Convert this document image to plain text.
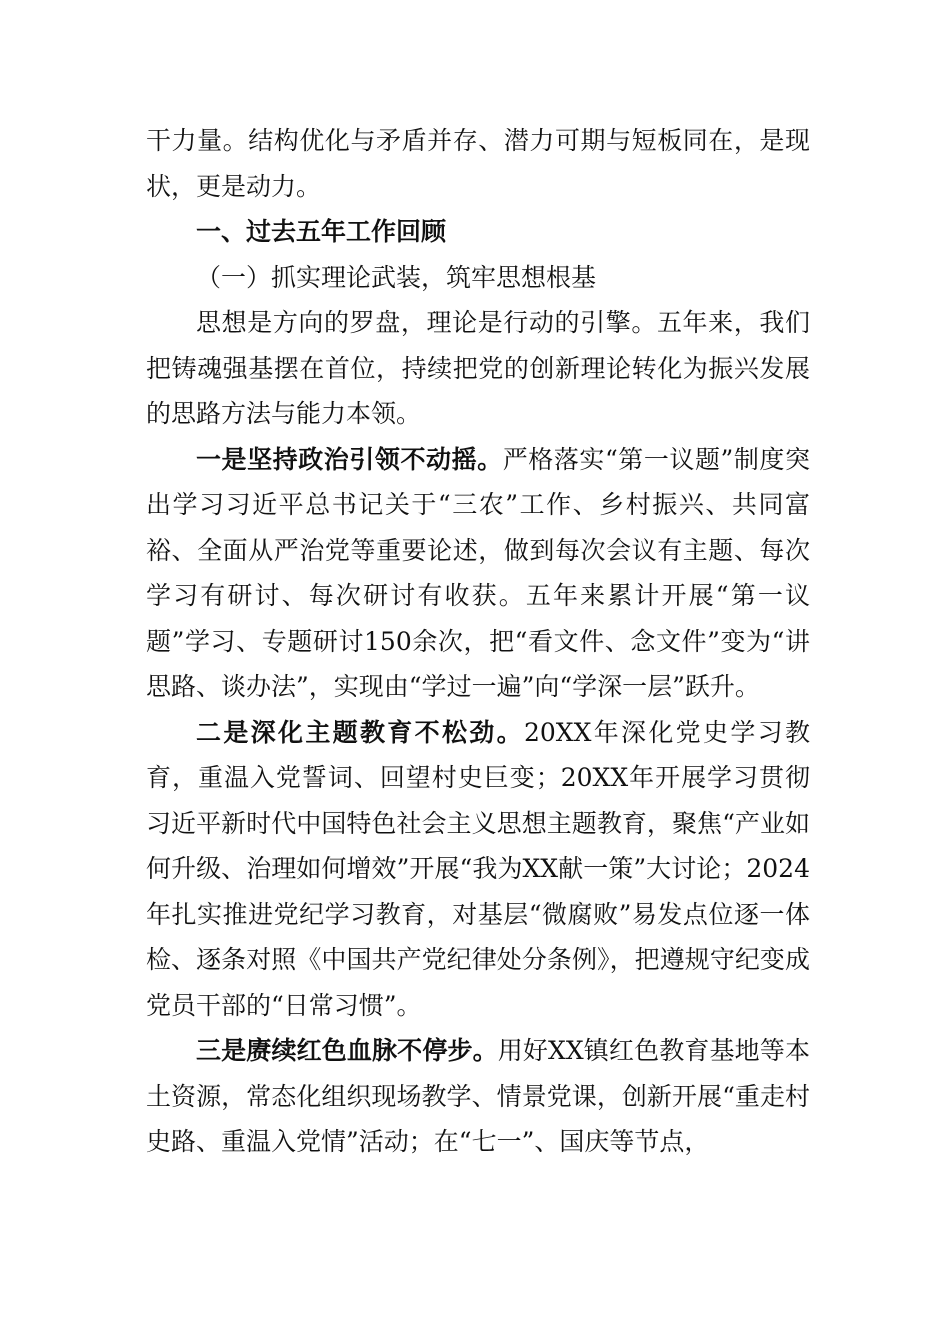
干力量。结构优化与矛盾并存、潜力可期与短板同在，是现状，更是动力。

一、过去五年工作回顾

（一）抓实理论武装，筑牢思想根基

思想是方向的罗盘，理论是行动的引擎。五年来，我们把铸魂强基摆在首位，持续把党的创新理论转化为振兴发展的思路方法与能力本领。

一是坚持政治引领不动摇。严格落实“第一议题”制度突出学习习近平总书记关于“三农”工作、乡村振兴、共同富裕、全面从严治党等重要论述，做到每次会议有主题、每次学习有研讨、每次研讨有收获。五年来累计开展“第一议题”学习、专题研讨150余次，把“看文件、念文件”变为“讲思路、谈办法”，实现由“学过一遍”向“学深一层”跃升。

二是深化主题教育不松劲。20XX年深化党史学习教育，重温入党誓词、回望村史巨变；20XX年开展学习贯彻习近平新时代中国特色社会主义思想主题教育，聚焦“产业如何升级、治理如何增效”开展“我为XX献一策”大讨论；2024年扎实推进党纪学习教育，对基层“微腐败”易发点位逐一体检、逐条对照《中国共产党纪律处分条例》，把遵规守纪变成党员干部的“日常习惯”。

三是赓续红色血脉不停步。用好XX镇红色教育基地等本土资源，常态化组织现场教学、情景党课，创新开展“重走村史路、重温入党情”活动；在“七一”、国庆等节点，
